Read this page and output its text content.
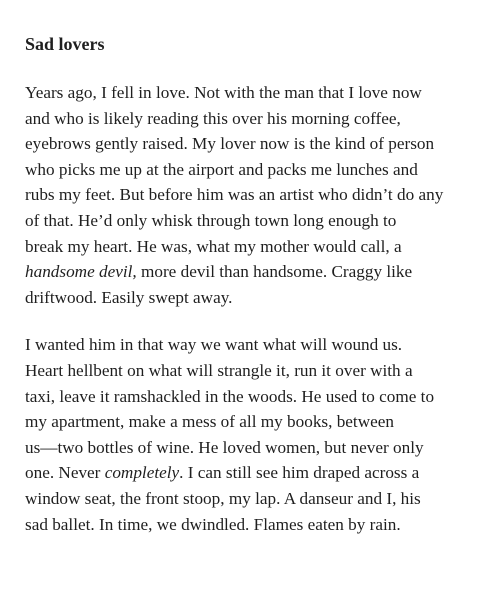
Sad lovers

Years ago, I fell in love. Not with the man that I love now
and who is likely reading this over his morning coffee,
eyebrows gently raised. My lover now is the kind of person
who picks me up at the airport and packs me lunches and
rubs my feet. But before him was an artist who didn’t do any
of that. He’d only whisk through town long enough to
break my heart. He was, what my mother would call, a
handsome devil, more devil than handsome. Craggy like
driftwood. Easily swept away.

I wanted him in that way we want what will wound us.
Heart hellbent on what will strangle it, run it over with a
taxi, leave it ramshackled in the woods. He used to come to
my apartment, make a mess of all my books, between
us—two bottles of wine. He loved women, but never only
one. Never completely. I can still see him draped across a
window seat, the front stoop, my lap. A danseur and I, his
sad ballet. In time, we dwindled. Flames eaten by rain.
